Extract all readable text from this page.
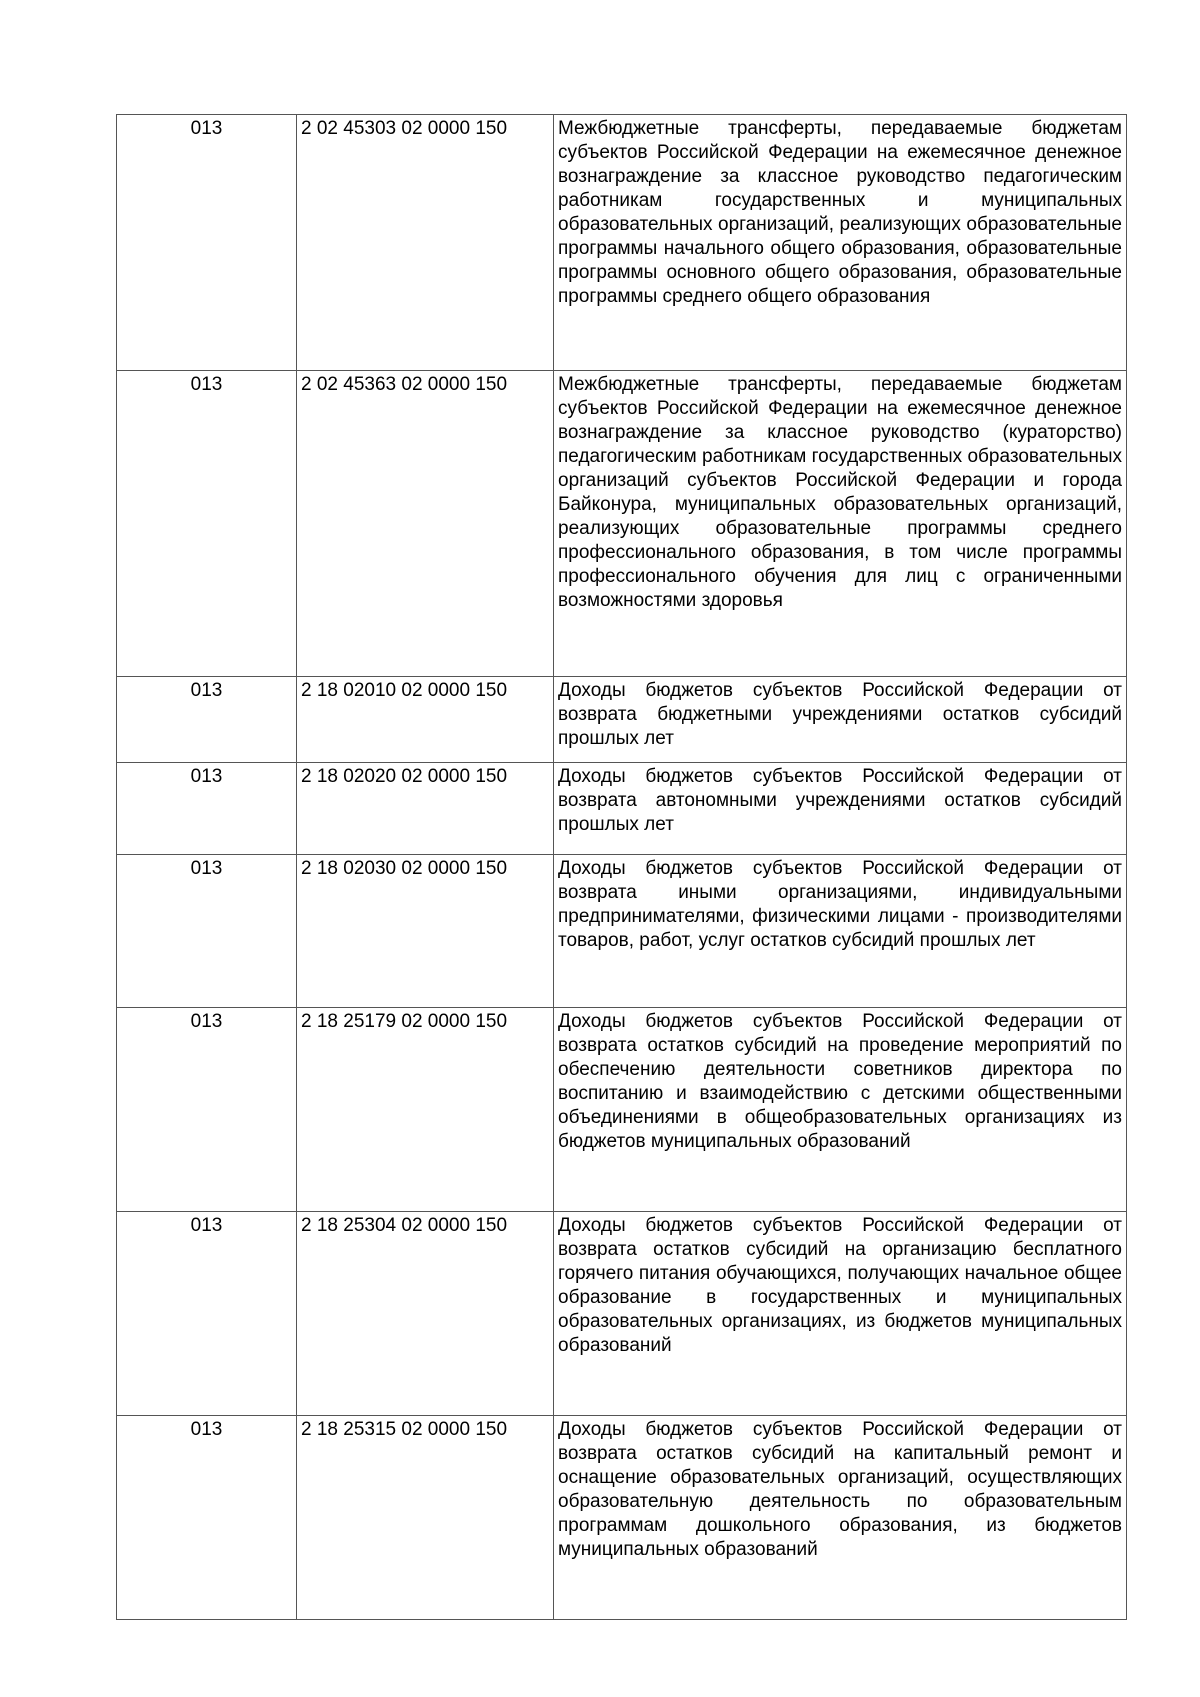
013	2 02 45303 02 0000 150	Межбюджетные трансферты, передаваемые бюджетам субъектов Российской Федерации на ежемесячное денежное вознаграждение за классное руководство педагогическим работникам государственных и муниципальных образовательных организаций, реализующих образовательные программы начального общего образования, образовательные программы основного общего образования, образовательные программы среднего общего образования
013	2 02 45363 02 0000 150	Межбюджетные трансферты, передаваемые бюджетам субъектов Российской Федерации на ежемесячное денежное вознаграждение за классное руководство (кураторство) педагогическим работникам государственных образовательных организаций субъектов Российской Федерации и города Байконура, муниципальных образовательных организаций, реализующих образовательные программы среднего профессионального образования, в том числе программы профессионального обучения для лиц с ограниченными возможностями здоровья
013	2 18 02010 02 0000 150	Доходы бюджетов субъектов Российской Федерации от возврата бюджетными учреждениями остатков субсидий прошлых лет
013	2 18 02020 02 0000 150	Доходы бюджетов субъектов Российской Федерации от возврата автономными учреждениями остатков субсидий прошлых лет
013	2 18 02030 02 0000 150	Доходы бюджетов субъектов Российской Федерации от возврата иными организациями, индивидуальными предпринимателями, физическими лицами - производителями товаров, работ, услуг остатков субсидий прошлых лет
013	2 18 25179 02 0000 150	Доходы бюджетов субъектов Российской Федерации от возврата остатков субсидий на проведение мероприятий по обеспечению деятельности советников директора по воспитанию и взаимодействию с детскими общественными объединениями в общеобразовательных организациях из бюджетов муниципальных образований
013	2 18 25304 02 0000 150	Доходы бюджетов субъектов Российской Федерации от возврата остатков субсидий на организацию бесплатного горячего питания обучающихся, получающих начальное общее образование в государственных и муниципальных образовательных организациях, из бюджетов муниципальных образований
013	2 18 25315 02 0000 150	Доходы бюджетов субъектов Российской Федерации от возврата остатков субсидий на капитальный ремонт и оснащение образовательных организаций, осуществляющих образовательную деятельность по образовательным программам дошкольного образования, из бюджетов муниципальных образований
